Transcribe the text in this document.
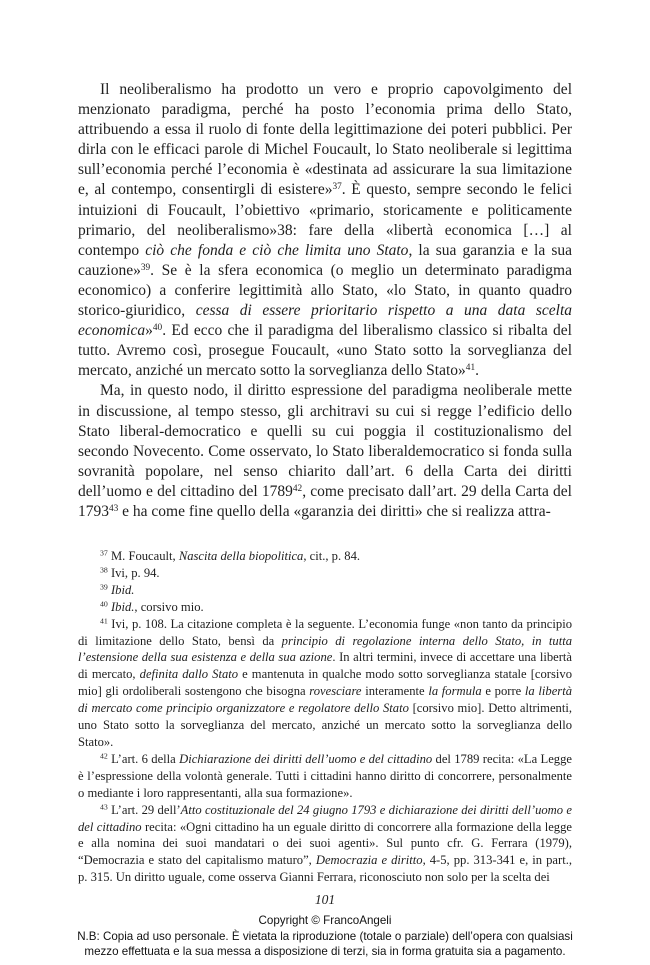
Il neoliberalismo ha prodotto un vero e proprio capovolgimento del menzionato paradigma, perché ha posto l’economia prima dello Stato, attribuendo a essa il ruolo di fonte della legittimazione dei poteri pubblici. Per dirla con le efficaci parole di Michel Foucault, lo Stato neoliberale si legittima sull’economia perché l’economia è «destinata ad assicurare la sua limitazione e, al contempo, consentirgli di esistere»$^{37}$. È questo, sempre secondo le felici intuizioni di Foucault, l’obiettivo «primario, storicamente e politicamente primario, del neoliberalismo»38: fare della «libertà economica […] al contempo ciò che fonda e ciò che limita uno Stato, la sua garanzia e la sua cauzione»$^{39}$. Se è la sfera economica (o meglio un determinato paradigma economico) a conferire legittimità allo Stato, «lo Stato, in quanto quadro storico-giuridico, cessa di essere prioritario rispetto a una data scelta economica»$^{40}$. Ed ecco che il paradigma del liberalismo classico si ribalta del tutto. Avremo così, prosegue Foucault, «uno Stato sotto la sorveglianza del mercato, anziché un mercato sotto la sorveglianza dello Stato»$^{41}$.

Ma, in questo nodo, il diritto espressione del paradigma neoliberale mette in discussione, al tempo stesso, gli architravi su cui si regge l’edificio dello Stato liberal-democratico e quelli su cui poggia il costituzionalismo del secondo Novecento. Come osservato, lo Stato liberaldemocratico si fonda sulla sovranità popolare, nel senso chiarito dall’art. 6 della Carta dei diritti dell’uomo e del cittadino del 1789$^{42}$, come precisato dall’art. 29 della Carta del 1793$^{43}$ e ha come fine quello della «garanzia dei diritti» che si realizza attra-

$^{37}$ M. Foucault, Nascita della biopolitica, cit., p. 84.

$^{38}$ Ivi, p. 94.

$^{39}$ Ibid.

$^{40}$ Ibid., corsivo mio.

$^{41}$ Ivi, p. 108. La citazione completa è la seguente. L’economia funge «non tanto da principio di limitazione dello Stato, bensì da principio di regolazione interna dello Stato, in tutta l’estensione della sua esistenza e della sua azione. In altri termini, invece di accettare una libertà di mercato, definita dallo Stato e mantenuta in qualche modo sotto sorveglianza statale [corsivo mio] gli ordoliberali sostengono che bisogna rovesciare interamente la formula e porre la libertà di mercato come principio organizzatore e regolatore dello Stato [corsivo mio]. Detto altrimenti, uno Stato sotto la sorveglianza del mercato, anziché un mercato sotto la sorveglianza dello Stato».

$^{42}$ L’art. 6 della Dichiarazione dei diritti dell’uomo e del cittadino del 1789 recita: «La Legge è l’espressione della volontà generale. Tutti i cittadini hanno diritto di concorrere, personalmente o mediante i loro rappresentanti, alla sua formazione».

$^{43}$ L’art. 29 dell’Atto costituzionale del 24 giugno 1793 e dichiarazione dei diritti dell’uomo e del cittadino recita: «Ogni cittadino ha un eguale diritto di concorrere alla formazione della legge e alla nomina dei suoi mandatari o dei suoi agenti». Sul punto cfr. G. Ferrara (1979), “Democrazia e stato del capitalismo maturo”, Democrazia e diritto, 4-5, pp. 313-341 e, in part., p. 315. Un diritto uguale, come osserva Gianni Ferrara, riconosciuto non solo per la scelta dei

101
Copyright © FrancoAngeli
N.B: Copia ad uso personale. È vietata la riproduzione (totale o parziale) dell’opera con qualsiasi
mezzo effettuata e la sua messa a disposizione di terzi, sia in forma gratuita sia a pagamento.
